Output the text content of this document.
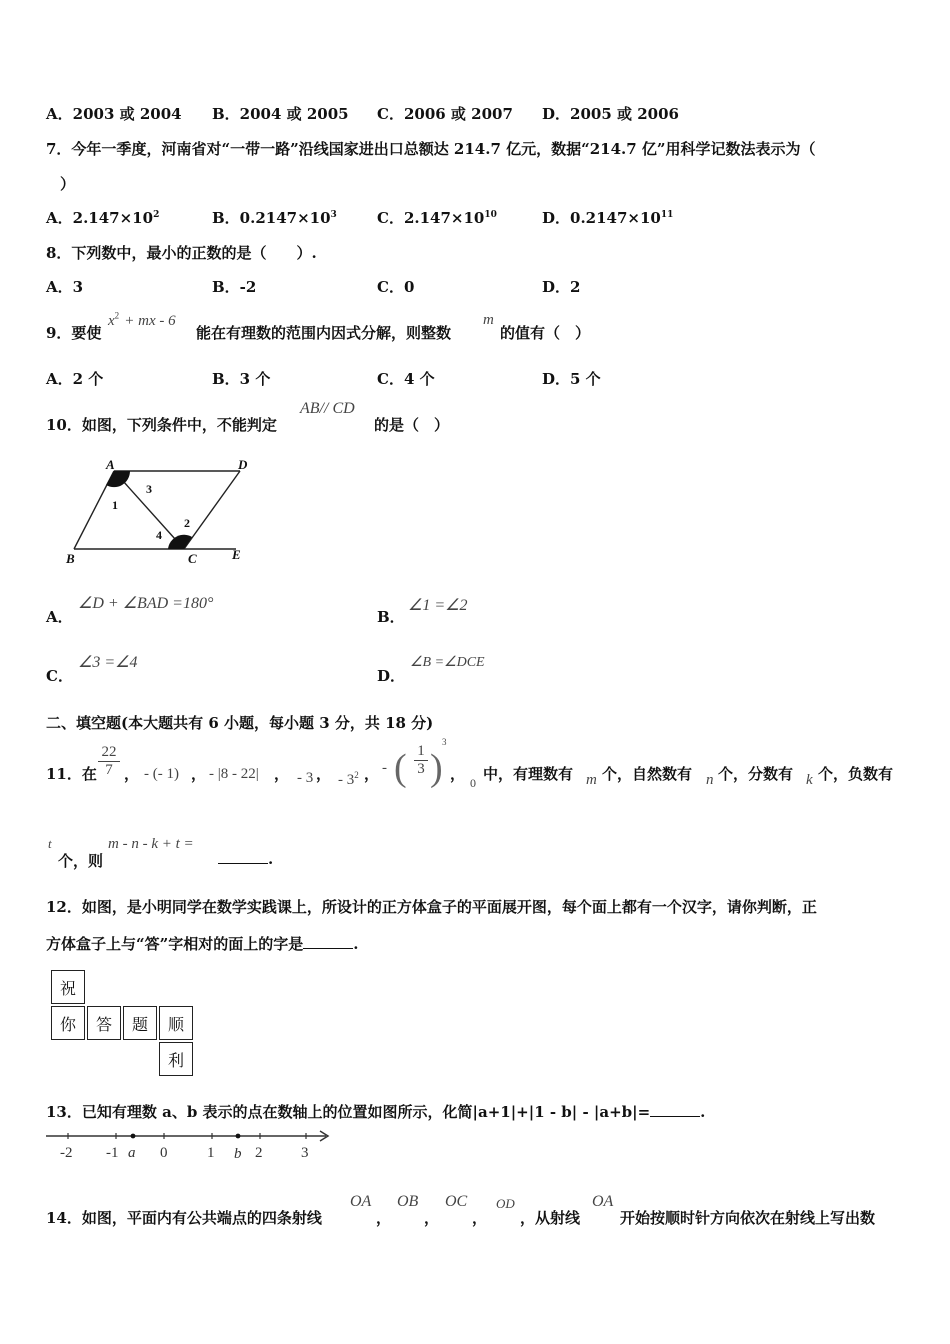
A．2003 或 2004 B．2004 或 2005 C．2006 或 2007 D．2005 或 2006
7．今年一季度，河南省对“一带一路”沿线国家进出口总额达 214.7 亿元，数据“214.7 亿”用科学记数法表示为（
）
A．$2.147\times 10^2$	B．$0.2147\times 10^3$	C．$2.147\times 10^{10}$	D．$0.2147\times 10^{11}$
8．下列数中，最小的正数的是（　　）.
A．3	B．-2	C．0	D．2
9．要使
$x^2$ + mx - 6
能在有理数的范围内因式分解，则整数
m
的值有（　）
A．2 个	B．3 个	C．4 个	D．5 个
10．如图，下列条件中，不能判定
AB// CD
的是（　）
A	D
B	C	E
1
2
3
4
A．
∠D + ∠BAD =180°
B．
∠1 =∠2
C．
∠3 =∠4
D．
∠B =∠DCE
二、填空题(本大题共有 6 小题，每小题 3 分，共 18 分)
11．在
22
7 ， - (- 1) ， - |8 - 22| ， - 3 ， - $3^2$ ， - ( 1
3 )
3
， 0 中，有理数有 m 个，自然数有 n 个，分数有 k 个，负数有
t
个，则
m - n - k + t =
.
12．如图，是小明同学在数学实践课上，所设计的正方体盒子的平面展开图，每个面上都有一个汉字，请你判断，正
方体盒子上与“答”字相对的面上的字是	.
祝
你	答	题	顺
利
13．已知有理数 a、b 表示的点在数轴上的位置如图所示，化简|a+1|+|1 - b| - |a+b|=	.
-2 -1	0	1	2	3
a	b
14．如图，平面内有公共端点的四条射线
OA
，
OB
，
OC
，
OD
，从射线
OA
开始按顺时针方向依次在射线上写出数
